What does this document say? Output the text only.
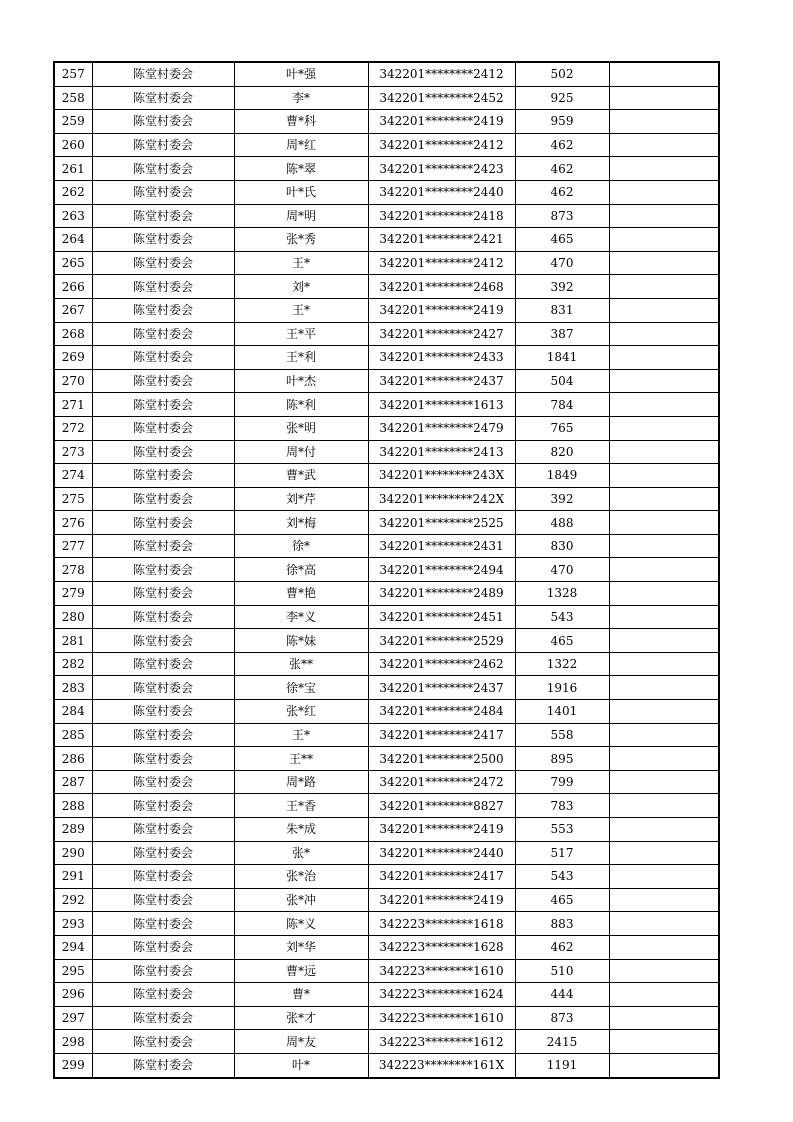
257	陈堂村委会	叶*强	342201********2412	502	
258	陈堂村委会	李*	342201********2452	925	
259	陈堂村委会	曹*科	342201********2419	959	
260	陈堂村委会	周*红	342201********2412	462	
261	陈堂村委会	陈*翠	342201********2423	462	
262	陈堂村委会	叶*氏	342201********2440	462	
263	陈堂村委会	周*明	342201********2418	873	
264	陈堂村委会	张*秀	342201********2421	465	
265	陈堂村委会	王*	342201********2412	470	
266	陈堂村委会	刘*	342201********2468	392	
267	陈堂村委会	王*	342201********2419	831	
268	陈堂村委会	王*平	342201********2427	387	
269	陈堂村委会	王*利	342201********2433	1841	
270	陈堂村委会	叶*杰	342201********2437	504	
271	陈堂村委会	陈*利	342201********1613	784	
272	陈堂村委会	张*明	342201********2479	765	
273	陈堂村委会	周*付	342201********2413	820	
274	陈堂村委会	曹*武	342201********243X	1849	
275	陈堂村委会	刘*芹	342201********242X	392	
276	陈堂村委会	刘*梅	342201********2525	488	
277	陈堂村委会	徐*	342201********2431	830	
278	陈堂村委会	徐*高	342201********2494	470	
279	陈堂村委会	曹*艳	342201********2489	1328	
280	陈堂村委会	李*义	342201********2451	543	
281	陈堂村委会	陈*妹	342201********2529	465	
282	陈堂村委会	张**	342201********2462	1322	
283	陈堂村委会	徐*宝	342201********2437	1916	
284	陈堂村委会	张*红	342201********2484	1401	
285	陈堂村委会	王*	342201********2417	558	
286	陈堂村委会	王**	342201********2500	895	
287	陈堂村委会	周*路	342201********2472	799	
288	陈堂村委会	王*香	342201********8827	783	
289	陈堂村委会	朱*成	342201********2419	553	
290	陈堂村委会	张*	342201********2440	517	
291	陈堂村委会	张*治	342201********2417	543	
292	陈堂村委会	张*冲	342201********2419	465	
293	陈堂村委会	陈*义	342223********1618	883	
294	陈堂村委会	刘*华	342223********1628	462	
295	陈堂村委会	曹*远	342223********1610	510	
296	陈堂村委会	曹*	342223********1624	444	
297	陈堂村委会	张*才	342223********1610	873	
298	陈堂村委会	周*友	342223********1612	2415	
299	陈堂村委会	叶*	342223********161X	1191	
